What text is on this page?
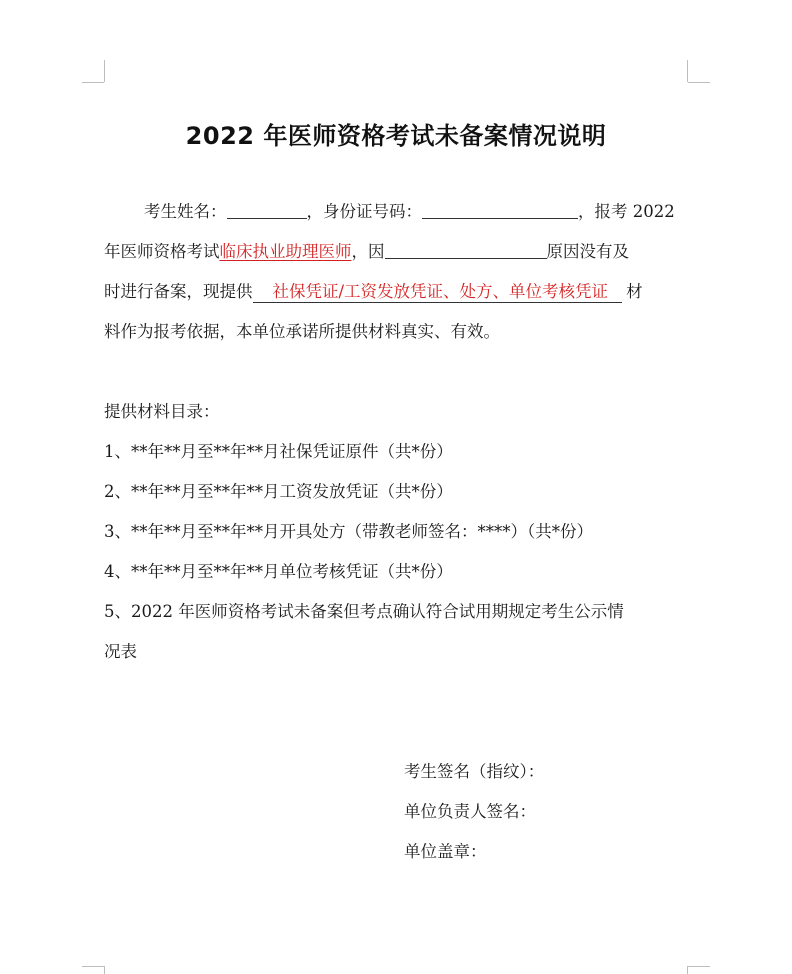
2022 年医师资格考试未备案情况说明
考生姓名：	，身份证号码：	，报考 2022
年医师资格考试临床执业助理医师，因	原因没有及
时进行备案，现提供 社保凭证/工资发放凭证、处方、单位考核凭证 材
料作为报考依据，本单位承诺所提供材料真实、有效。
提供材料目录：
1、**年**月至**年**月社保凭证原件（共*份）
2、**年**月至**年**月工资发放凭证（共*份）
3、**年**月至**年**月开具处方（带教老师签名：****）（共*份）
4、**年**月至**年**月单位考核凭证（共*份）
5、2022 年医师资格考试未备案但考点确认符合试用期规定考生公示情
况表
考生签名（指纹）：
单位负责人签名：
单位盖章：
